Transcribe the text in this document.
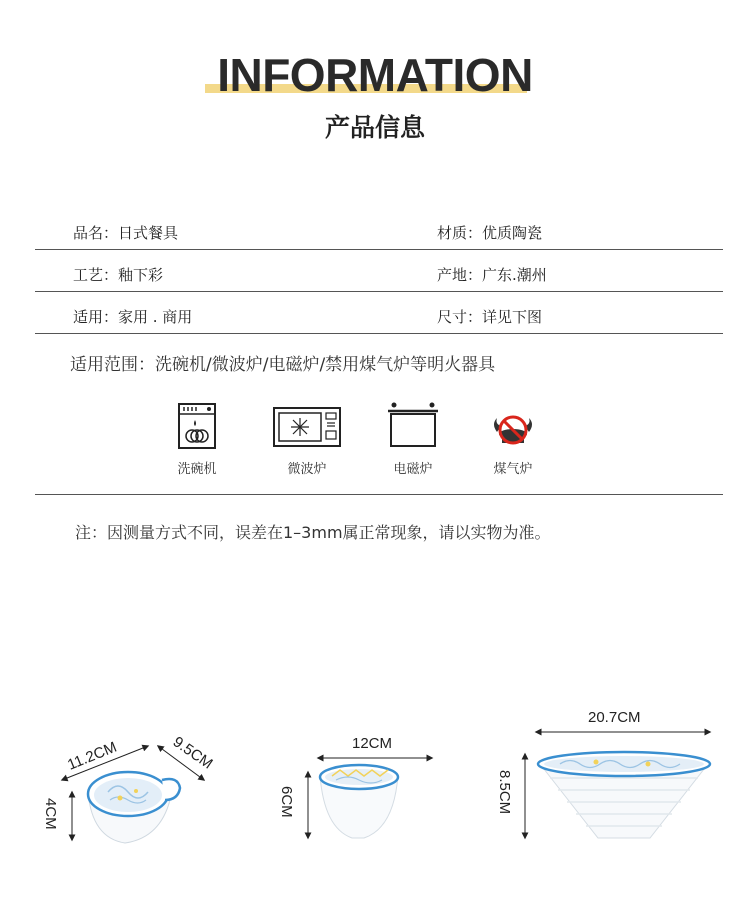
INFORMATION
产品信息
品名：日式餐具	材质：优质陶瓷
工艺：釉下彩	产地：广东.潮州
适用：家用 . 商用	尺寸：详见下图
适用范围：洗碗机/微波炉/电磁炉/禁用煤气炉等明火器具
洗碗机	微波炉	电磁炉	煤气炉
注：因测量方式不同，误差在1–3mm属正常现象，请以实物为准。
11.2CM	9.5CM
4CM
12CM
6CM
20.7CM
8.5CM
